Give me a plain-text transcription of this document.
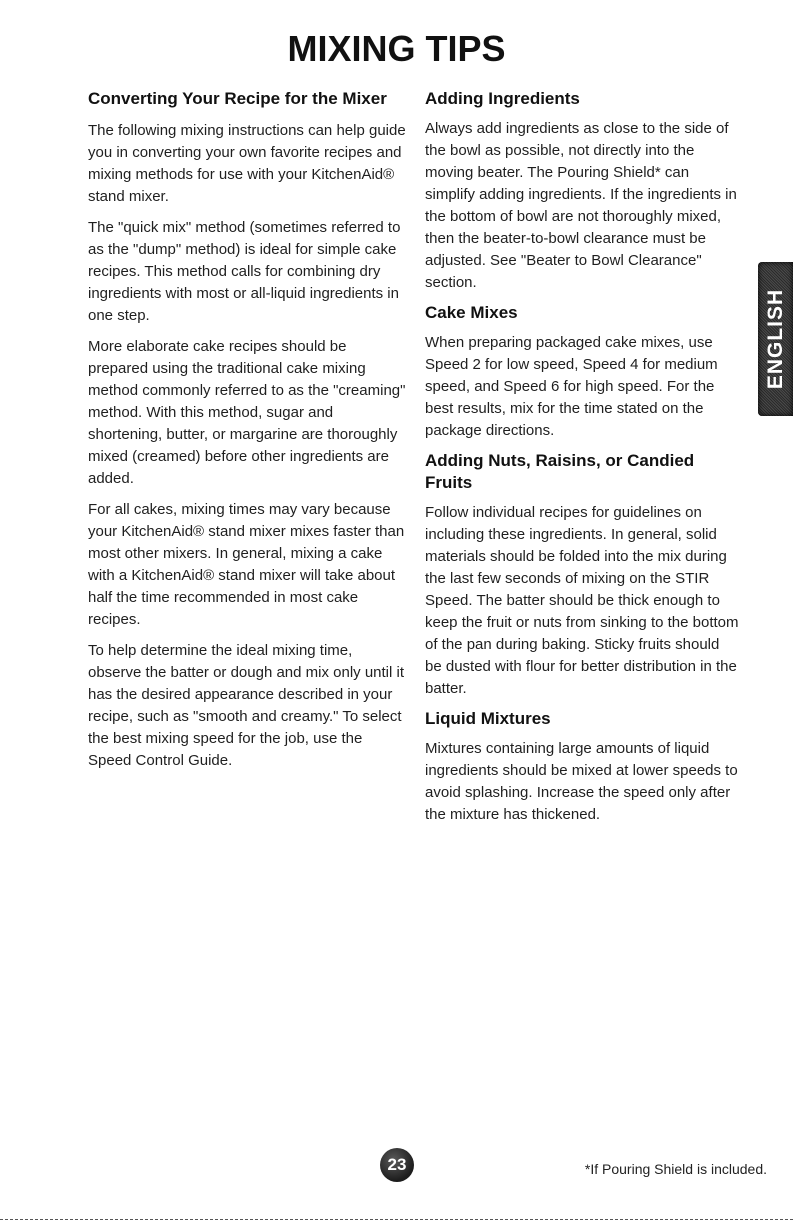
MIXING TIPS
Converting Your Recipe for the Mixer

The following mixing instructions can help guide you in converting your own favorite recipes and mixing methods for use with your KitchenAid® stand mixer.

The "quick mix" method (sometimes referred to as the "dump" method) is ideal for simple cake recipes. This method calls for combining dry ingredients with most or all-liquid ingredients in one step.

More elaborate cake recipes should be prepared using the traditional cake mixing method commonly referred to as the "creaming" method. With this method, sugar and shortening, butter, or margarine are thoroughly mixed (creamed) before other ingredients are added.

For all cakes, mixing times may vary because your KitchenAid® stand mixer mixes faster than most other mixers. In general, mixing a cake with a KitchenAid® stand mixer will take about half the time recommended in most cake recipes.

To help determine the ideal mixing time, observe the batter or dough and mix only until it has the desired appearance described in your recipe, such as "smooth and creamy." To select the best mixing speed for the job, use the Speed Control Guide.

Adding Ingredients

Always add ingredients as close to the side of the bowl as possible, not directly into the moving beater. The Pouring Shield* can simplify adding ingredients. If the ingredients in the bottom of bowl are not thoroughly mixed, then the beater-to-bowl clearance must be adjusted. See "Beater to Bowl Clearance" section.

Cake Mixes

When preparing packaged cake mixes, use Speed 2 for low speed, Speed 4 for medium speed, and Speed 6 for high speed. For the best results, mix for the time stated on the package directions.

Adding Nuts, Raisins, or Candied Fruits

Follow individual recipes for guidelines on including these ingredients. In general, solid materials should be folded into the mix during the last few seconds of mixing on the STIR Speed. The batter should be thick enough to keep the fruit or nuts from sinking to the bottom of the pan during baking. Sticky fruits should be dusted with flour for better distribution in the batter.

Liquid Mixtures

Mixtures containing large amounts of liquid ingredients should be mixed at lower speeds to avoid splashing. Increase the speed only after the mixture has thickened.

ENGLISH
23	*If Pouring Shield is included.
